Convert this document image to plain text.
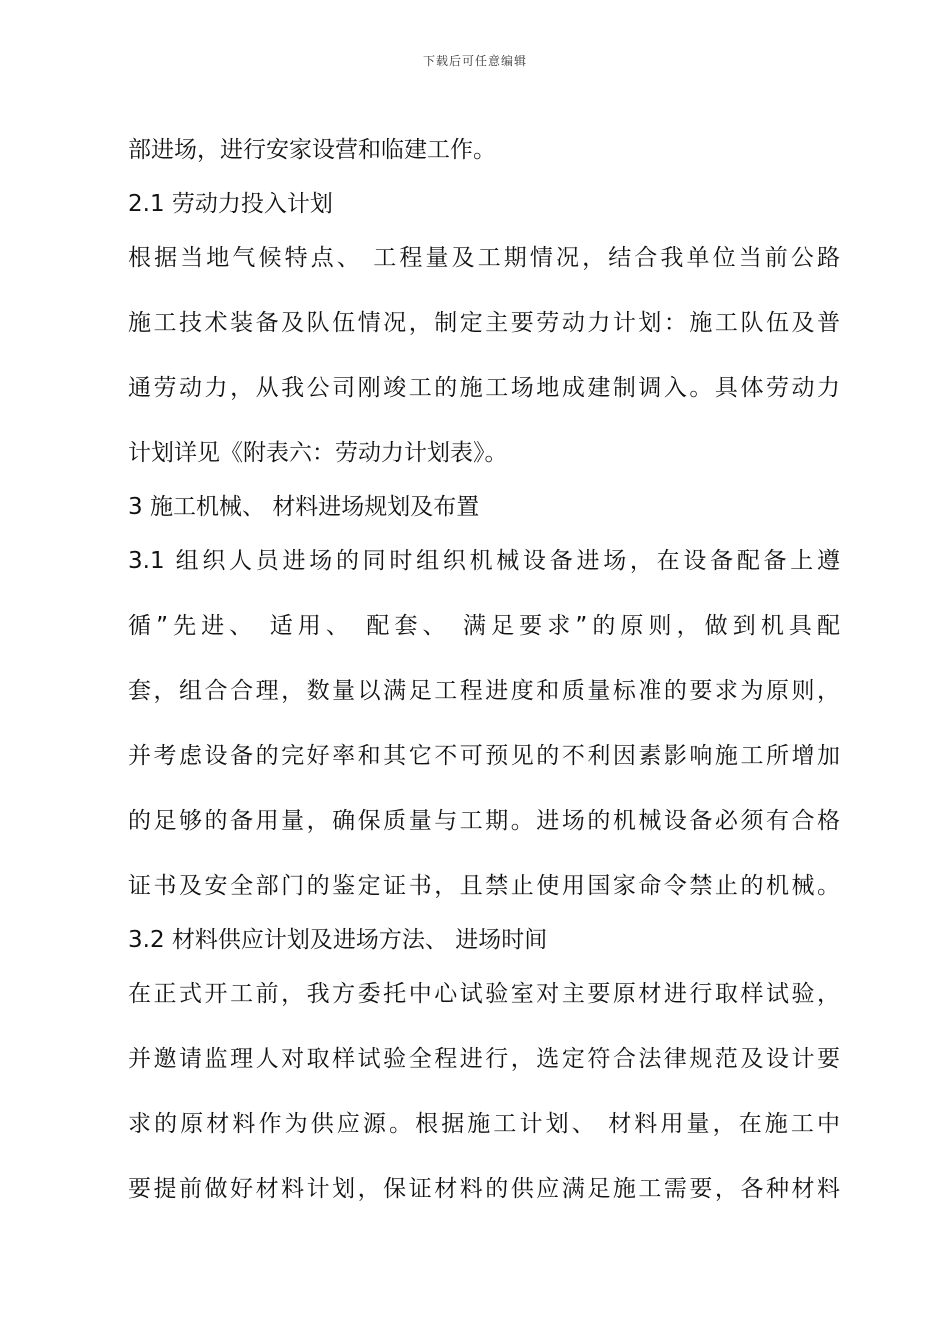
下载后可任意编辑
部进场，进行安家设营和临建工作。
2.1 劳动力投入计划
根据当地气候特点、 工程量及工期情况，结合我单位当前公路
施工技术装备及队伍情况，制定主要劳动力计划：施工队伍及普
通劳动力，从我公司刚竣工的施工场地成建制调入。具体劳动力
计划详见《附表六：劳动力计划表》。
3 施工机械、 材料进场规划及布置
3.1 组织人员进场的同时组织机械设备进场，在设备配备上遵
循”先进、 适用、 配套、 满足要求”的原则，做到机具配
套，组合合理，数量以满足工程进度和质量标准的要求为原则，
并考虑设备的完好率和其它不可预见的不利因素影响施工所增加
的足够的备用量，确保质量与工期。进场的机械设备必须有合格
证书及安全部门的鉴定证书，且禁止使用国家命令禁止的机械。
3.2 材料供应计划及进场方法、 进场时间
在正式开工前，我方委托中心试验室对主要原材进行取样试验，
并邀请监理人对取样试验全程进行，选定符合法律规范及设计要
求的原材料作为供应源。根据施工计划、 材料用量，在施工中
要提前做好材料计划，保证材料的供应满足施工需要，各种材料
